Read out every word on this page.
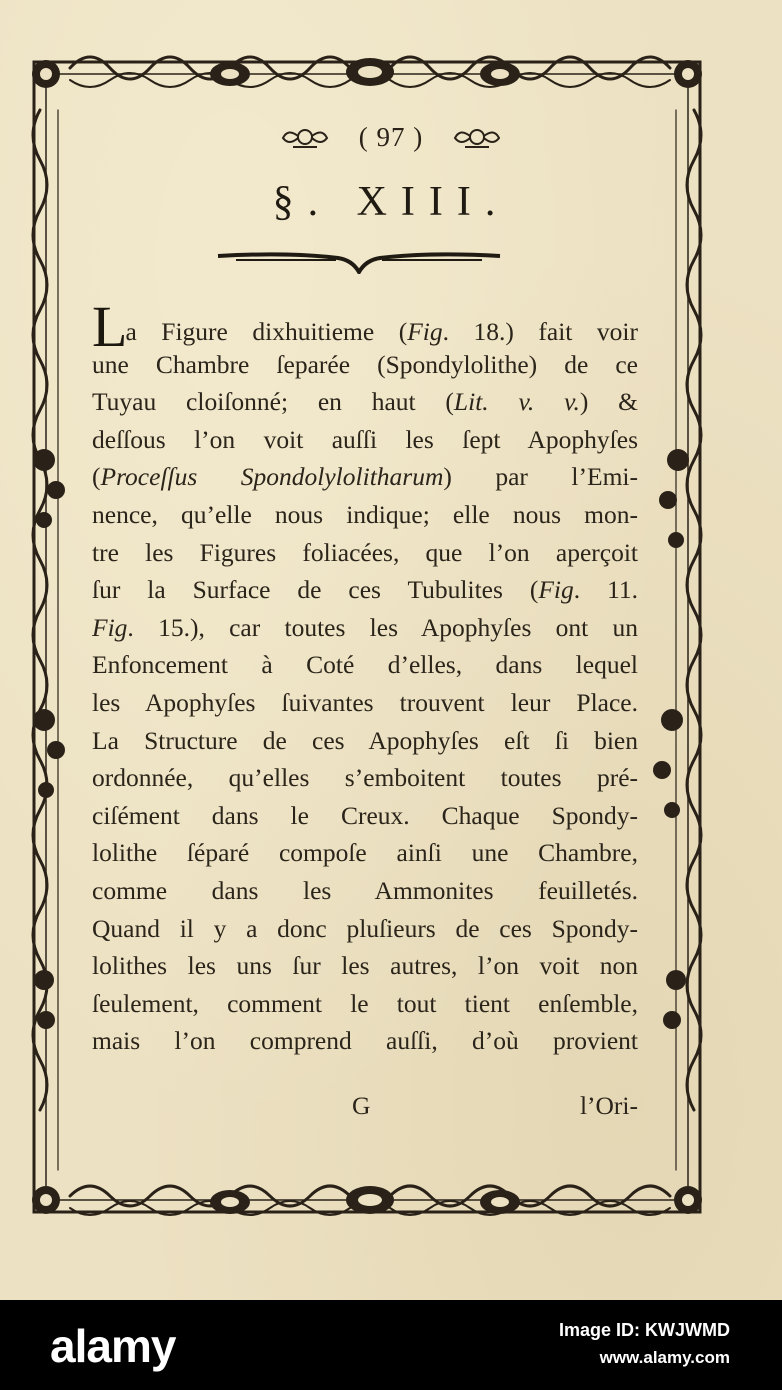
( 97 )
§. XIII.
La Figure dixhuitieme (Fig. 18.) fait voir
une Chambre ſeparée (Spondylolithe) de ce
Tuyau cloiſonné; en haut (Lit. v. v.) &
deſſous l’on voit auſſi les ſept Apophyſes
(Proceſſus Spondolylolitharum) par l’Emi-
nence, qu’elle nous indique; elle nous mon-
tre les Figures foliacées, que l’on aperçoit
ſur la Surface de ces Tubulites (Fig. 11.
Fig. 15.), car toutes les Apophyſes ont un
Enfoncement à Coté d’elles, dans lequel
les Apophyſes ſuivantes trouvent leur Place.
La Structure de ces Apophyſes eſt ſi bien
ordonnée, qu’elles s’emboitent toutes pré-
ciſément dans le Creux. Chaque Spondy-
lolithe ſéparé compoſe ainſi une Chambre,
comme dans les Ammonites feuilletés.
Quand il y a donc pluſieurs de ces Spondy-
lolithes les uns ſur les autres, l’on voit non
ſeulement, comment le tout tient enſemble,
mais l’on comprend auſſi, d’où provient
G	l’Ori-
alamy	Image ID: KWJWMD
www.alamy.com
